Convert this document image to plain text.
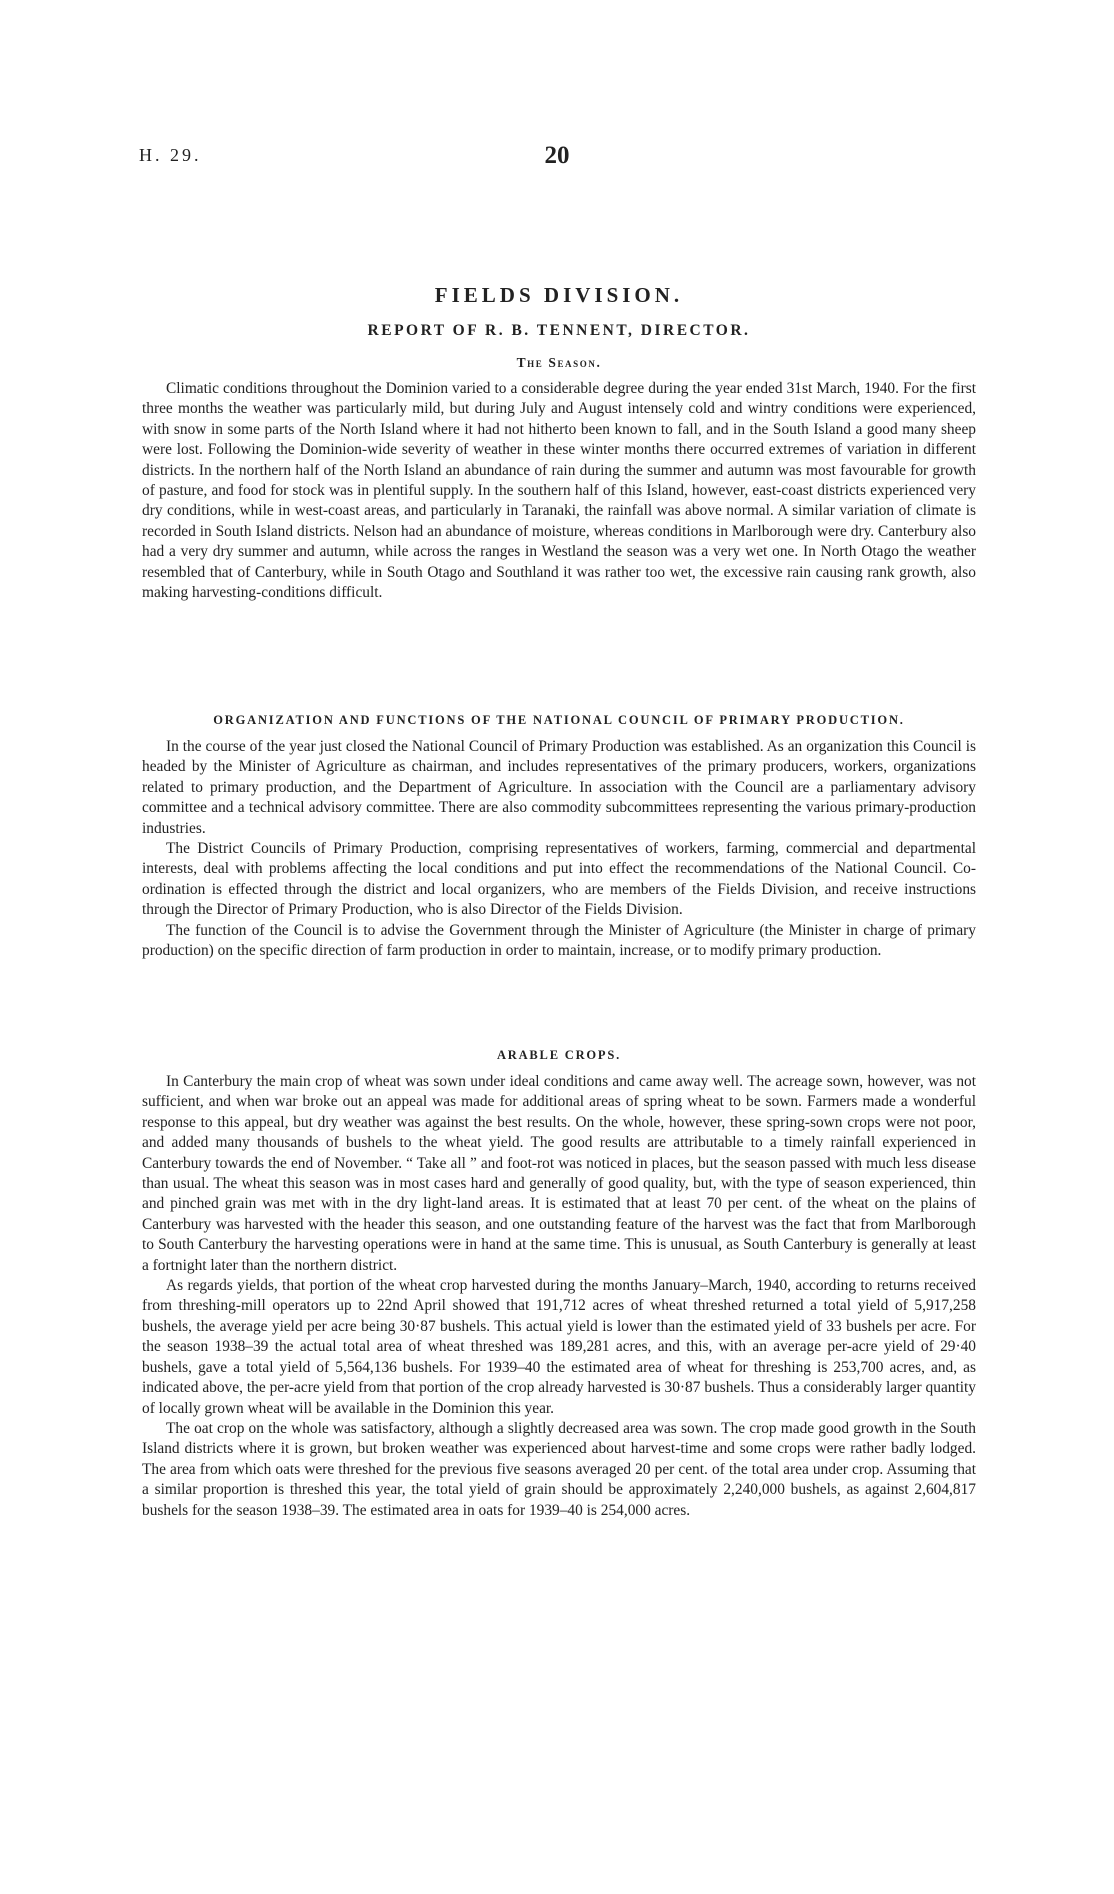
H. 29.	20
FIELDS DIVISION.
REPORT OF R. B. TENNENT, DIRECTOR.
The Season.

Climatic conditions throughout the Dominion varied to a considerable degree during the year ended 31st March, 1940. For the first three months the weather was particularly mild, but during July and August intensely cold and wintry conditions were experienced, with snow in some parts of the North Island where it had not hitherto been known to fall, and in the South Island a good many sheep were lost. Following the Dominion-wide severity of weather in these winter months there occurred extremes of variation in different districts. In the northern half of the North Island an abundance of rain during the summer and autumn was most favourable for growth of pasture, and food for stock was in plentiful supply. In the southern half of this Island, however, east-coast districts experienced very dry conditions, while in west-coast areas, and particularly in Taranaki, the rainfall was above normal. A similar variation of climate is recorded in South Island districts. Nelson had an abundance of moisture, whereas conditions in Marlborough were dry. Canterbury also had a very dry summer and autumn, while across the ranges in Westland the season was a very wet one. In North Otago the weather resembled that of Canterbury, while in South Otago and Southland it was rather too wet, the excessive rain causing rank growth, also making harvesting-conditions difficult.

ORGANIZATION AND FUNCTIONS OF THE NATIONAL COUNCIL OF PRIMARY PRODUCTION.

In the course of the year just closed the National Council of Primary Production was established. As an organization this Council is headed by the Minister of Agriculture as chairman, and includes representatives of the primary producers, workers, organizations related to primary production, and the Department of Agriculture. In association with the Council are a parliamentary advisory committee and a technical advisory committee. There are also commodity subcommittees representing the various primary-production industries.

The District Councils of Primary Production, comprising representatives of workers, farming, commercial and departmental interests, deal with problems affecting the local conditions and put into effect the recommendations of the National Council. Co-ordination is effected through the district and local organizers, who are members of the Fields Division, and receive instructions through the Director of Primary Production, who is also Director of the Fields Division.

The function of the Council is to advise the Government through the Minister of Agriculture (the Minister in charge of primary production) on the specific direction of farm production in order to maintain, increase, or to modify primary production.

ARABLE CROPS.

In Canterbury the main crop of wheat was sown under ideal conditions and came away well. The acreage sown, however, was not sufficient, and when war broke out an appeal was made for additional areas of spring wheat to be sown. Farmers made a wonderful response to this appeal, but dry weather was against the best results. On the whole, however, these spring-sown crops were not poor, and added many thousands of bushels to the wheat yield. The good results are attributable to a timely rainfall experienced in Canterbury towards the end of November. “ Take all ” and foot-rot was noticed in places, but the season passed with much less disease than usual. The wheat this season was in most cases hard and generally of good quality, but, with the type of season experienced, thin and pinched grain was met with in the dry light-land areas. It is estimated that at least 70 per cent. of the wheat on the plains of Canterbury was harvested with the header this season, and one outstanding feature of the harvest was the fact that from Marlborough to South Canterbury the harvesting operations were in hand at the same time. This is unusual, as South Canterbury is generally at least a fortnight later than the northern district.

As regards yields, that portion of the wheat crop harvested during the months January–March, 1940, according to returns received from threshing-mill operators up to 22nd April showed that 191,712 acres of wheat threshed returned a total yield of 5,917,258 bushels, the average yield per acre being 30·87 bushels. This actual yield is lower than the estimated yield of 33 bushels per acre. For the season 1938–39 the actual total area of wheat threshed was 189,281 acres, and this, with an average per-acre yield of 29·40 bushels, gave a total yield of 5,564,136 bushels. For 1939–40 the estimated area of wheat for threshing is 253,700 acres, and, as indicated above, the per-acre yield from that portion of the crop already harvested is 30·87 bushels. Thus a considerably larger quantity of locally grown wheat will be available in the Dominion this year.

The oat crop on the whole was satisfactory, although a slightly decreased area was sown. The crop made good growth in the South Island districts where it is grown, but broken weather was experienced about harvest-time and some crops were rather badly lodged. The area from which oats were threshed for the previous five seasons averaged 20 per cent. of the total area under crop. Assuming that a similar proportion is threshed this year, the total yield of grain should be approximately 2,240,000 bushels, as against 2,604,817 bushels for the season 1938–39. The estimated area in oats for 1939–40 is 254,000 acres.
